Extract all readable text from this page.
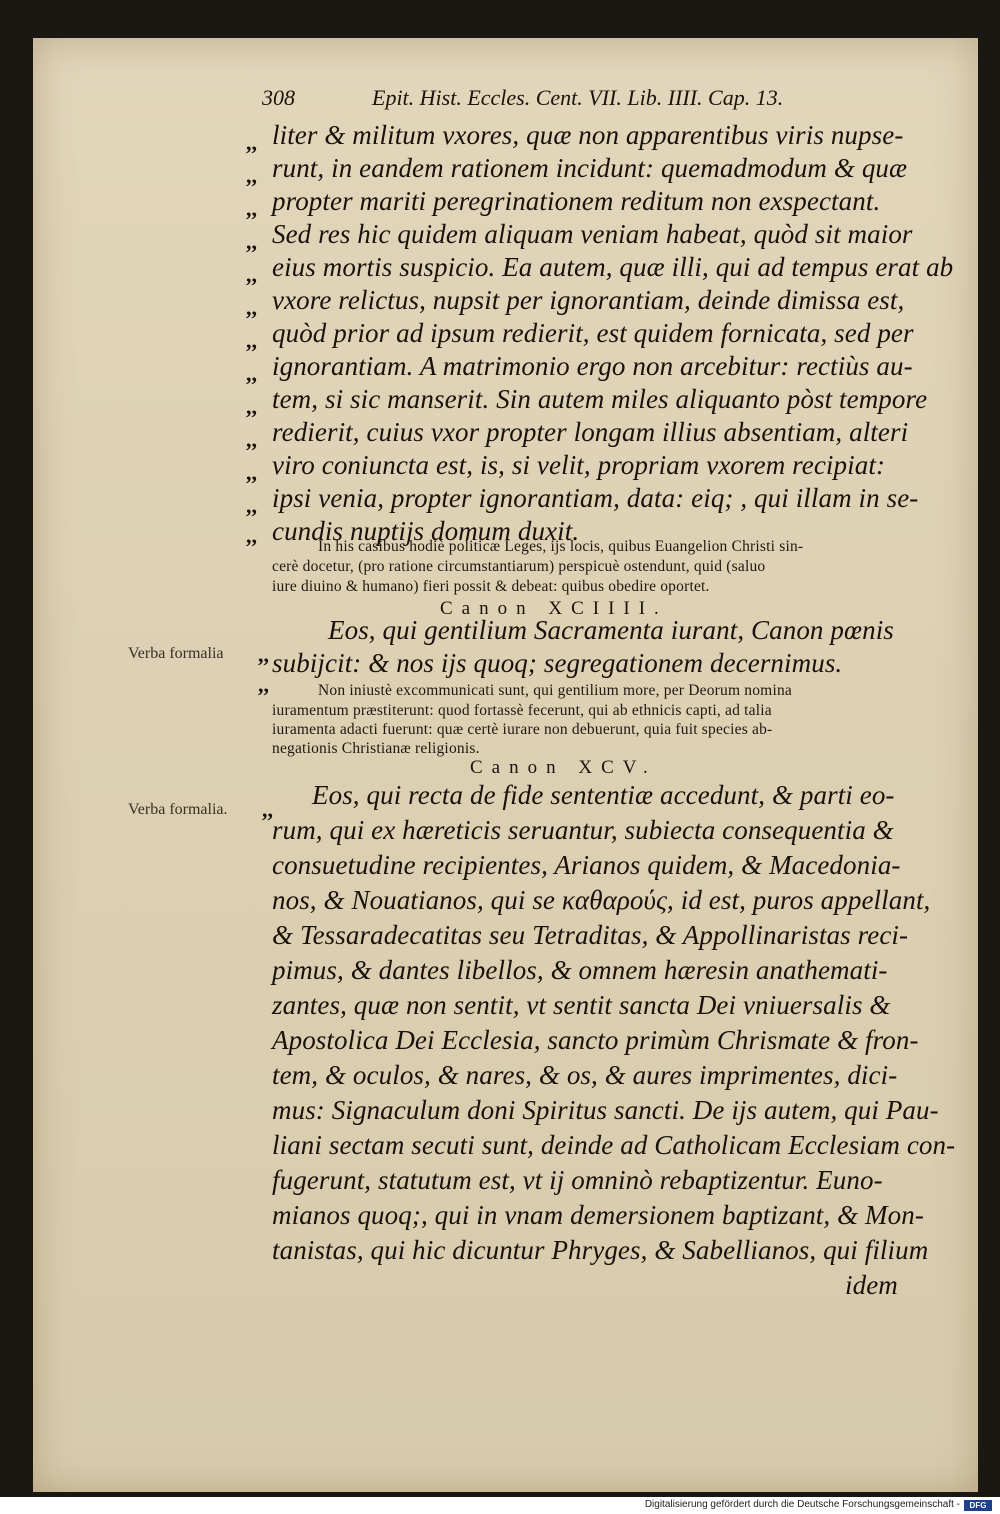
308	Epit. Hist. Eccles. Cent. VII. Lib. IIII. Cap. 13.
liter & militum vxores, quæ non apparentibus viris nupse-
runt, in eandem rationem incidunt: quemadmodum & quæ
propter mariti peregrinationem reditum non exspectant.
Sed res hic quidem aliquam veniam habeat, quòd sit maior
eius mortis suspicio. Ea autem, quæ illi, qui ad tempus erat ab
vxore relictus, nupsit per ignorantiam, deinde dimissa est,
quòd prior ad ipsum redierit, est quidem fornicata, sed per
ignorantiam. A matrimonio ergo non arcebitur: rectiùs au-
tem, si sic manserit. Sin autem miles aliquanto pòst tempore
redierit, cuius vxor propter longam illius absentiam, alteri
viro coniuncta est, is, si velit, propriam vxorem recipiat:
ipsi venia, propter ignorantiam, data: eiq; , qui illam in se-
cundis nuptijs domum duxit.
,,
,,
,,
,,
,,
,,
,,
,,
,,
,,
,,
,,
,,	In his casibus hodiè politicæ Leges, ijs locis, quibus Euangelion Christi sin-
cerè docetur, (pro ratione circumstantiarum) perspicuè ostendunt, quid (saluo
iure diuino & humano) fieri possit & debeat: quibus obedire oportet.
Canon XCIIII.
Verba formalia ,,
,,
Eos, qui gentilium Sacramenta iurant, Canon pœnis
subijcit: & nos ijs quoq; segregationem decernimus.
Non iniustè excommunicati sunt, qui gentilium more, per Deorum nomina
iuramentum præstiterunt: quod fortassè fecerunt, qui ab ethnicis capti, ad talia
iuramenta adacti fuerunt: quæ certè iurare non debuerunt, quia fuit species ab-
negationis Christianæ religionis.
Canon XCV.
Verba formalia. ,, Eos, qui recta de fide sententiæ accedunt, & parti eo-
rum, qui ex hæreticis seruantur, subiecta consequentia &
consuetudine recipientes, Arianos quidem, & Macedonia-
nos, & Nouatianos, qui se καθαρούς, id est, puros appellant,
& Tessaradecatitas seu Tetraditas, & Appollinaristas reci-
pimus, & dantes libellos, & omnem hæresin anathemati-
zantes, quæ non sentit, vt sentit sancta Dei vniuersalis &
Apostolica Dei Ecclesia, sancto primùm Chrismate & fron-
tem, & oculos, & nares, & os, & aures imprimentes, dici-
mus: Signaculum doni Spiritus sancti. De ijs autem, qui Pau-
liani sectam secuti sunt, deinde ad Catholicam Ecclesiam con-
fugerunt, statutum est, vt ij omninò rebaptizentur. Euno-
mianos quoq;, qui in vnam demersionem baptizant, & Mon-
tanistas, qui hic dicuntur Phryges, & Sabellianos, qui filium
idem
Digitalisierung gefördert durch die Deutsche Forschungsgemeinschaft -	DFG
